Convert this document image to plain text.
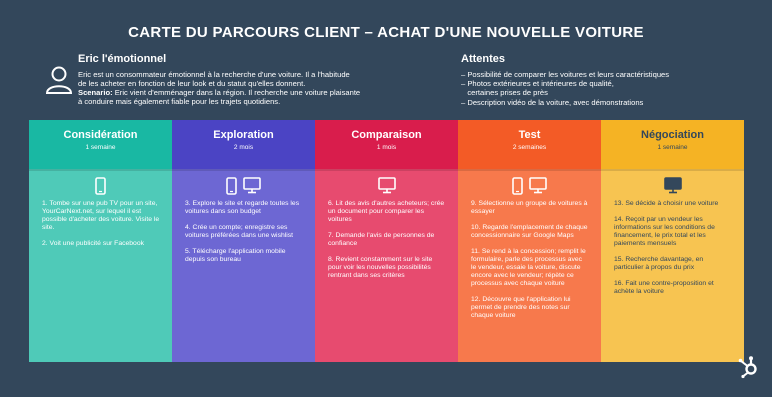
CARTE DU PARCOURS CLIENT – ACHAT D'UNE NOUVELLE VOITURE
Eric l'émotionnel
Eric est un consommateur émotionnel à la recherche d'une voiture. Il a l'habitude
de les acheter en fonction de leur look et du statut qu'elles donnent.
Scenario: Eric vient d'emménager dans la région. Il recherche une voiture plaisante
à conduire mais également fiable pour les trajets quotidiens.
Attentes
– Possibilité de comparer les voitures et leurs caractéristiques
– Photos extérieures et intérieures de qualité,
certaines prises de près
– Description vidéo de la voiture, avec démonstrations
Considération
1 semaine
1. Tombe sur une pub TV pour un site, YourCarNext.net, sur lequel il est possible d'acheter des voiture. Visite le site.
2. Voit une publicité sur Facebook
Exploration
2 mois
3. Explore le site et regarde toutes les voitures dans son budget
4. Crée un compte; enregistre ses voitures préférées dans une wishlist
5. Télécharge l'application mobile depuis son bureau
Comparaison
1 mois
6. Lit des avis d'autres acheteurs; crée un document pour comparer les voitures
7. Demande l'avis de personnes de confiance
8. Revient constamment sur le site pour voir les nouvelles possibilités rentrant dans ses critères
Test
2 semaines
9. Sélectionne un groupe de voitures à essayer
10. Regarde l'emplacement de chaque concessionnaire sur Google Maps
11. Se rend à la concession; remplit le formulaire, parle des processus avec le vendeur, essaie la voiture, discute encore avec le vendeur; répète ce processus avec chaque voiture
12. Découvre que l'application lui permet de prendre des notes sur chaque voiture
Négociation
1 semaine
13. Se décide à choisir une voiture
14. Reçoit par un vendeur les informations sur les conditions de financement, le prix total et les paiements mensuels
15. Recherche davantage, en particulier à propos du prix
16. Fait une contre-proposition et achète la voiture
